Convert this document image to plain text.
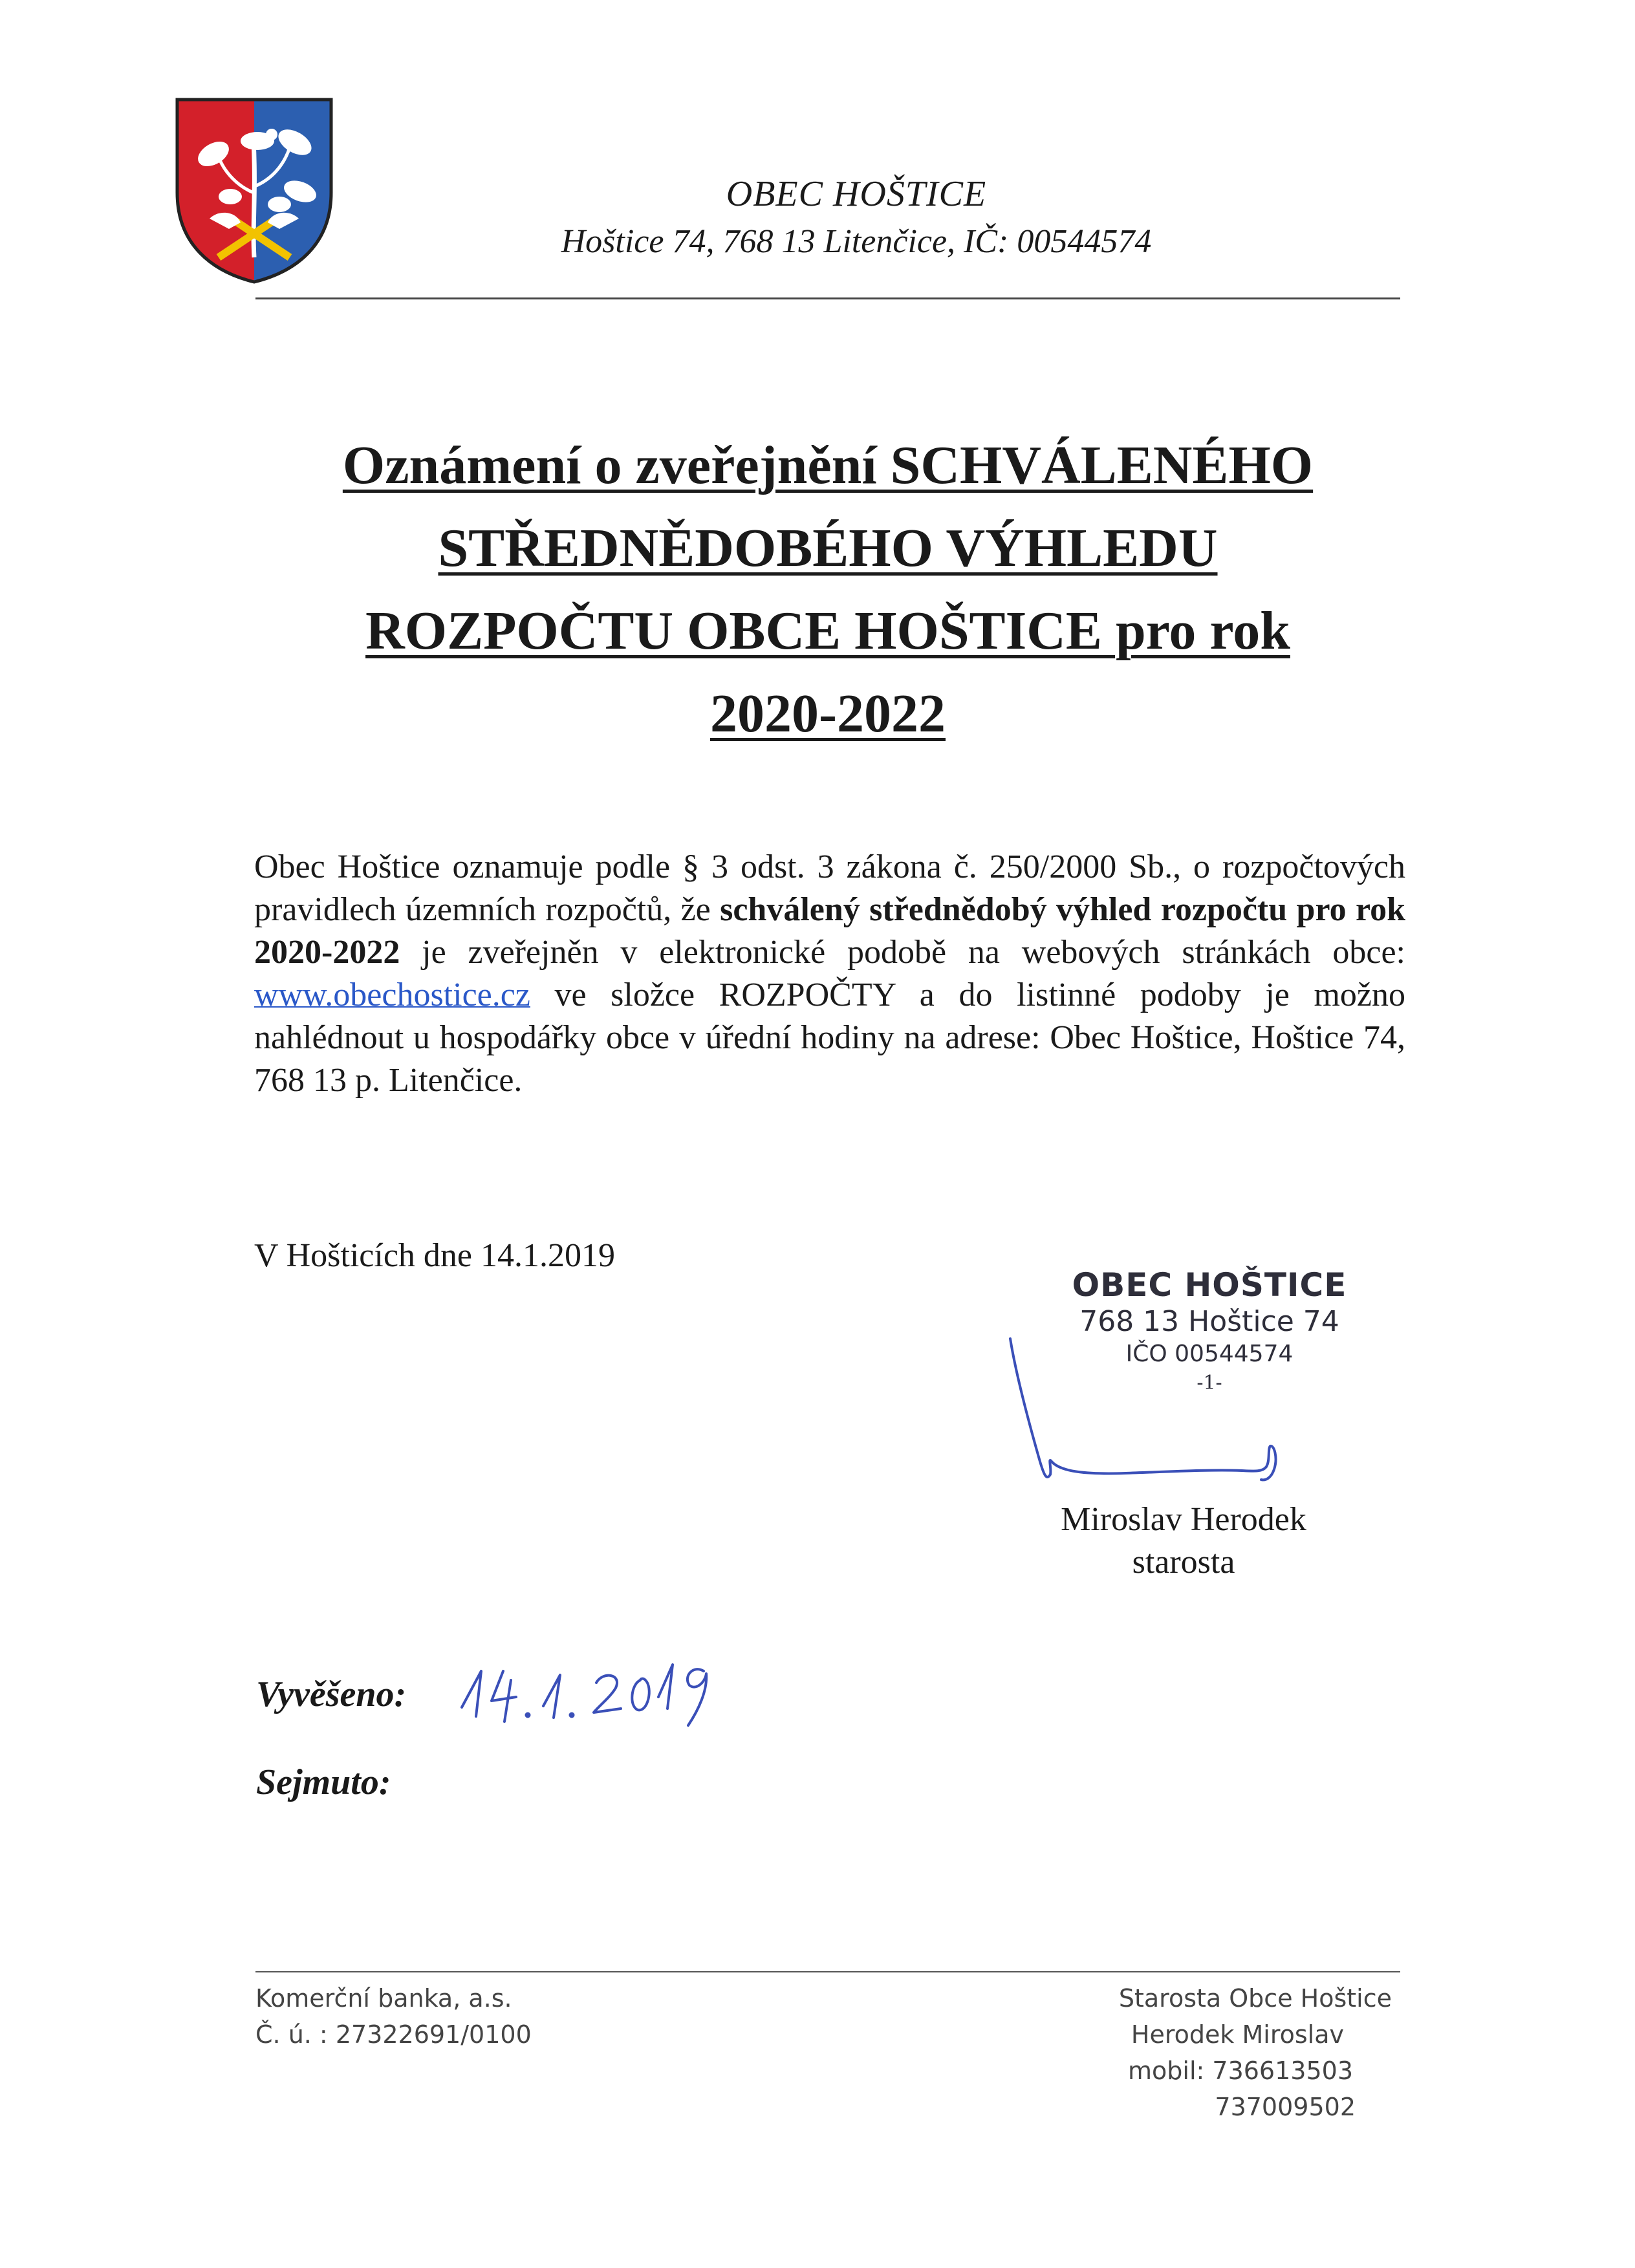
OBEC HOŠTICE
Hoštice 74, 768 13 Litenčice, IČ: 00544574
Oznámení o zveřejnění SCHVÁLENÉHO
STŘEDNĚDOBÉHO VÝHLEDU
ROZPOČTU OBCE HOŠTICE pro rok
2020-2022
Obec Hoštice oznamuje podle § 3 odst. 3 zákona č. 250/2000 Sb., o rozpočtových pravidlech územních rozpočtů, že schválený střednědobý výhled rozpočtu pro rok 2020-2022 je zveřejněn v elektronické podobě na webových stránkách obce: www.obechostice.cz ve složce ROZPOČTY a do listinné podoby je možno nahlédnout u hospodářky obce v úřední hodiny na adrese: Obec Hoštice, Hoštice 74, 768 13 p. Litenčice.
V Hošticích dne 14.1.2019
OBEC HOŠTICE
768 13 Hoštice 74
IČO 00544574
-1-
Miroslav Herodek
starosta
Vyvěšeno:
Sejmuto:
Komerční banka, a.s.
Č. ú. : 27322691/0100
Starosta Obce Hoštice
Herodek Miroslav
mobil: 736613503
737009502
